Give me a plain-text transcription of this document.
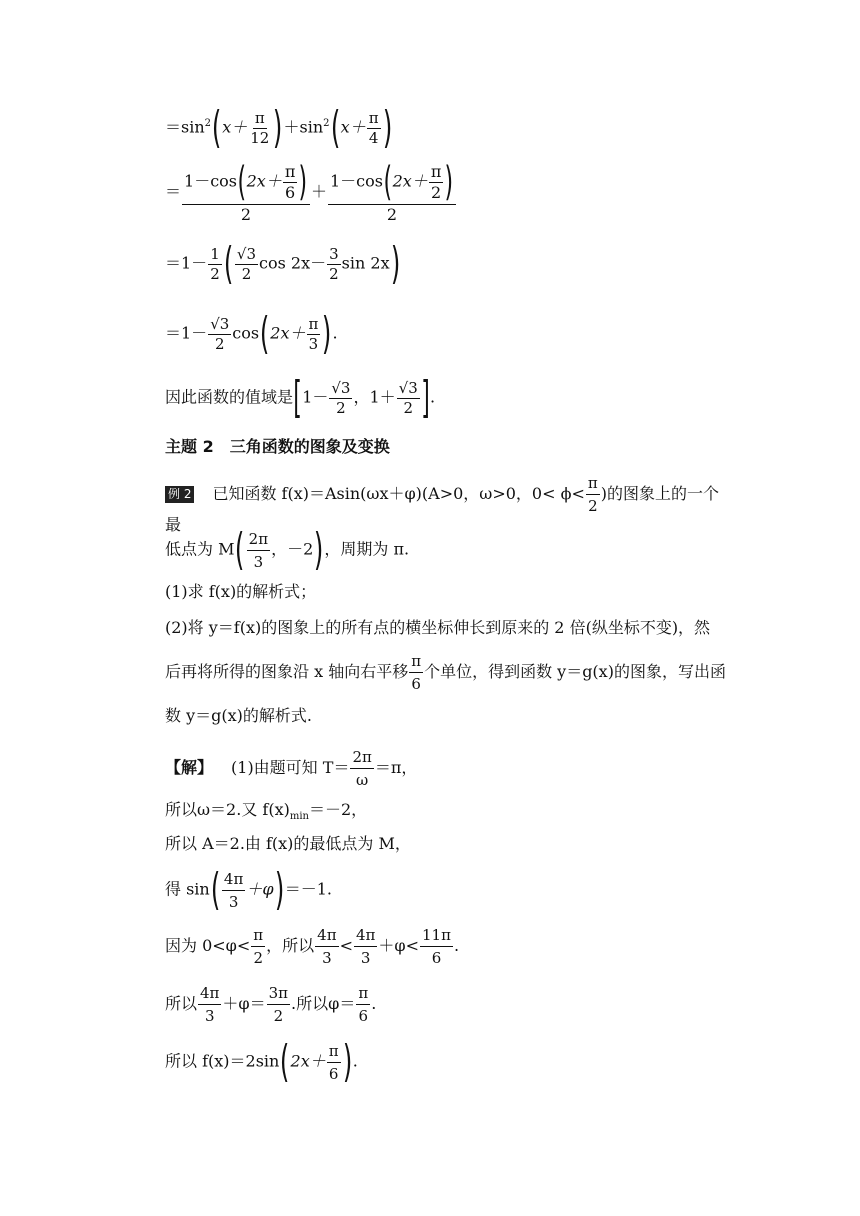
$=\sin^2(x+ \frac{\pi}{12} )+\sin^2(x+ \frac{\pi}{4}$ )
＝ $\frac{1-\cos(2x+ \frac{\pi}{6} )}{2} + \frac{1-\cos(2x+ \frac{\pi}{2} )}{2}$
$=1- \frac{1}{2}$ ( $\frac{√3}{2}$ $\cos 2x- \frac{3}{2}$ sin 2x)
$=1- \frac{√3}{2} \cos(2x+ \frac{\pi}{3}$ ).
因此函数的值域是[$1- \frac{√3}{2}$ ，$1+ \frac{√3}{2}$ ].
主题 2　三角函数的图象及变换
例 2 已知函数 f(x)＝Asin(ωx＋φ)(A>0，ω>0，$0< \phi< \frac{\pi}{2}$ )的图象上的一个最
低点为 $M( \frac{2\pi}{3}$ ，－2)，周期为 π.
(1)求 f(x)的解析式；
(2)将 y＝f(x)的图象上的所有点的横坐标伸长到原来的 2 倍(纵坐标不变)，然
后再将所得的图象沿 x 轴向右平移 $\frac{\pi}{6}$ 个单位，得到函数 y＝g(x)的图象，写出函
数 y＝g(x)的解析式.
【解】 (1)由题可知 $T= \frac{2\pi}{\omega} =\pi$，
所以ω＝2.又 $f(x)_{min}=-2$，
所以 A＝2.由 f(x)的最低点为 M，
得 $\sin( \frac{4\pi}{3} +\varphi)=-1$.
因为 $0<\varphi< \frac{\pi}{2}$ ，所以 $\frac{4\pi}{3} < \frac{4\pi}{3} +\varphi< \frac{11\pi}{6}$ .
所以 $\frac{4\pi}{3} +\varphi= \frac{3\pi}{2}$ .所以$\varphi= \frac{\pi}{6}$ .
所以 $f(x)=2\sin(2x+ \frac{\pi}{6}$ ).
